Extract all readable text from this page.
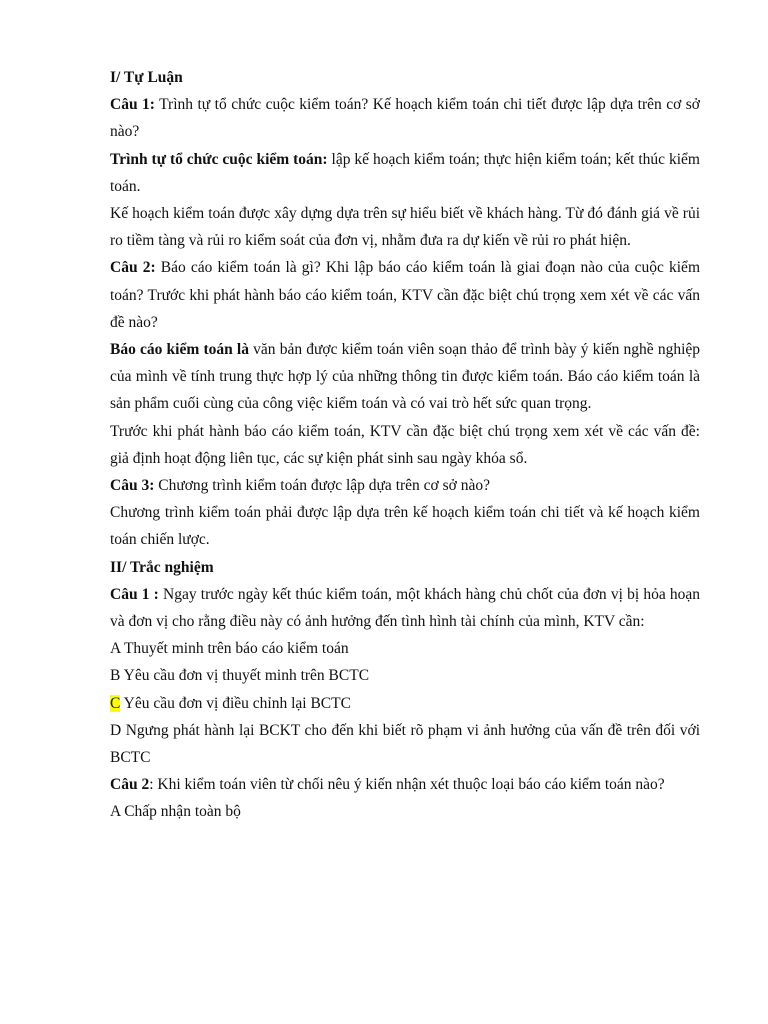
I/ Tự Luận

Câu 1: Trình tự tổ chức cuộc kiểm toán? Kế hoạch kiểm toán chi tiết được lập dựa trên cơ sở nào?

Trình tự tổ chức cuộc kiểm toán: lập kế hoạch kiểm toán; thực hiện kiểm toán; kết thúc kiểm toán.

Kế hoạch kiểm toán được xây dựng dựa trên sự hiểu biết về khách hàng. Từ đó đánh giá về rủi ro tiềm tàng và rủi ro kiểm soát của đơn vị, nhằm đưa ra dự kiến về rủi ro phát hiện.

Câu 2: Báo cáo kiểm toán là gì? Khi lập báo cáo kiểm toán là giai đoạn nào của cuộc kiểm toán? Trước khi phát hành báo cáo kiểm toán, KTV cần đặc biệt chú trọng xem xét về các vấn đề nào?

Báo cáo kiểm toán là văn bản được kiểm toán viên soạn thảo để trình bày ý kiến nghề nghiệp của mình về tính trung thực hợp lý của những thông tin được kiểm toán. Báo cáo kiểm toán là sản phẩm cuối cùng của công việc kiểm toán và có vai trò hết sức quan trọng.

Trước khi phát hành báo cáo kiểm toán, KTV cần đặc biệt chú trọng xem xét về các vấn đề: giả định hoạt động liên tục, các sự kiện phát sinh sau ngày khóa sổ.

Câu 3: Chương trình kiểm toán được lập dựa trên cơ sở nào?

Chương trình kiểm toán phải được lập dựa trên kế hoạch kiểm toán chi tiết và kế hoạch kiểm toán chiến lược.

II/ Trắc nghiệm

Câu 1 : Ngay trước ngày kết thúc kiểm toán, một khách hàng chủ chốt của đơn vị bị hỏa hoạn và đơn vị cho rằng điều này có ảnh hưởng đến tình hình tài chính của mình, KTV cần:

A Thuyết minh trên báo cáo kiểm toán

B Yêu cầu đơn vị thuyết minh trên BCTC

C Yêu cầu đơn vị điều chỉnh lại BCTC

D Ngưng phát hành lại BCKT cho đến khi biết rõ phạm vi ảnh hưởng của vấn đề trên đối với BCTC

Câu 2: Khi kiểm toán viên từ chối nêu ý kiến nhận xét thuộc loại báo cáo kiểm toán nào?

A Chấp nhận toàn bộ
